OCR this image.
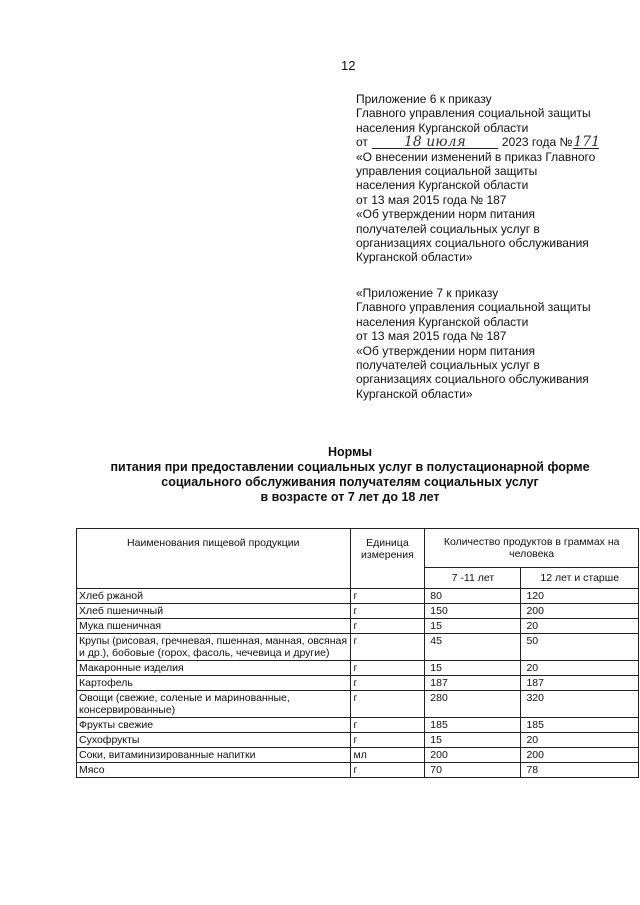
12
Приложение 6 к приказу
Главного управления социальной защиты
населения Курганской области
от	18 июля	2023 года №171
«О внесении изменений в приказ Главного
управления социальной защиты
населения Курганской области
от 13 мая 2015 года № 187
«Об утверждении норм питания
получателей социальных услуг в
организациях социального обслуживания
Курганской области»
«Приложение 7 к приказу
Главного управления социальной защиты
населения Курганской области
от 13 мая 2015 года № 187
«Об утверждении норм питания
получателей социальных услуг в
организациях социального обслуживания
Курганской области»
Нормы
питания при предоставлении социальных услуг в полустационарной форме
социального обслуживания получателям социальных услуг
в возрасте от 7 лет до 18 лет
Наименования пищевой продукции	Единица измерения	Количество продуктов в граммах на человека	
		7 -11 лет	12 лет и старше
Хлеб ржаной	г	80	120
Хлеб пшеничный	г	150	200
Мука пшеничная	г	15	20
Крупы (рисовая, гречневая, пшенная, манная, овсяная и др.), бобовые (горох, фасоль, чечевица и другие)	г	45	50
Макаронные изделия	г	15	20
Картофель	г	187	187
Овощи (свежие, соленые и маринованные, консервированные)	г	280	320
Фрукты свежие	г	185	185
Сухофрукты	г	15	20
Соки, витаминизированные напитки	мл	200	200
Мясо	г	70	78
